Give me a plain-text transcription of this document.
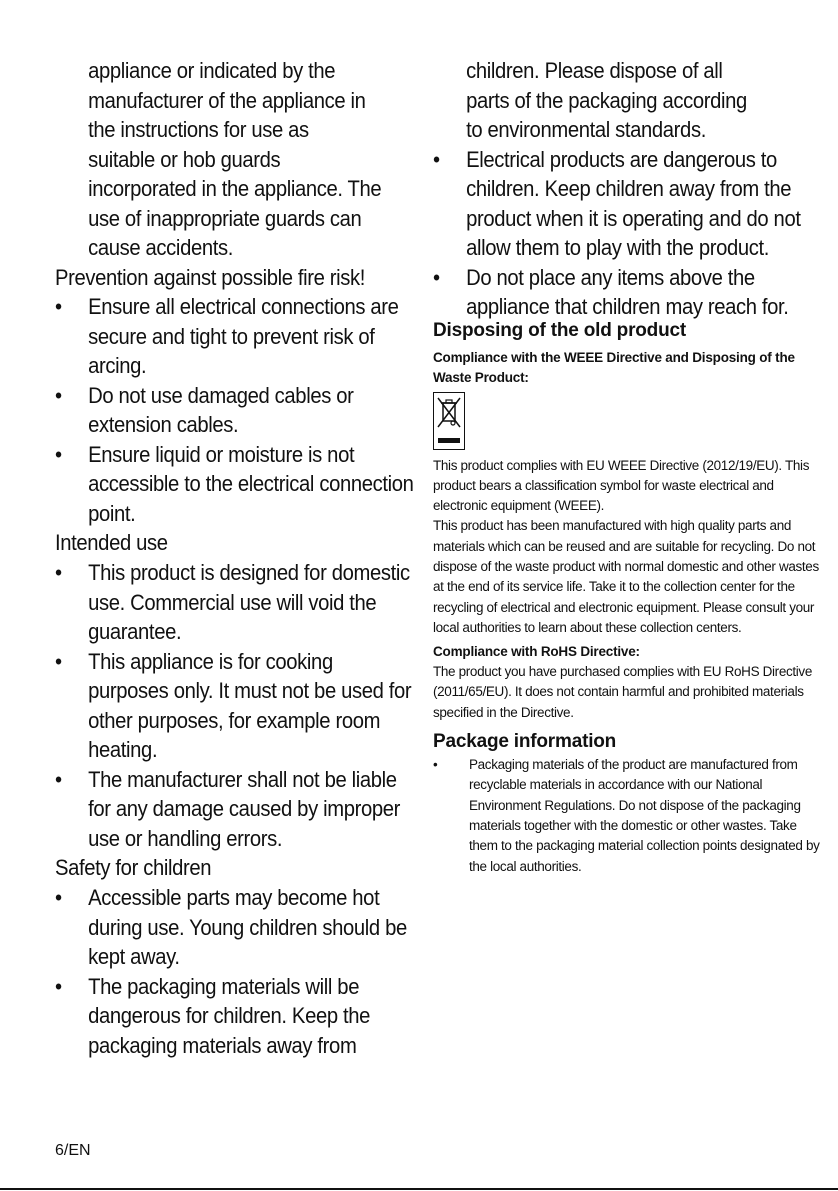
appliance or indicated by the

manufacturer of the appliance in

the instructions for use as

suitable or hob guards

incorporated in the appliance. The

use of inappropriate guards can

cause accidents.

Prevention against possible fire risk!

• Ensure all electrical connections are secure and tight to prevent risk of arcing.
• Do not use damaged cables or extension cables.
• Ensure liquid or moisture is not accessible to the electrical connection point.

Intended use

• This product is designed for domestic use. Commercial use will void the guarantee.
• This appliance is for cooking purposes only. It must not be used for other purposes, for example room heating.
• The manufacturer shall not be liable for any damage caused by improper use or handling errors.

Safety for children

• Accessible parts may become hot during use. Young children should be kept away.
• The packaging materials will be dangerous for children. Keep the packaging materials away from

children. Please dispose of all

parts of the packaging according

to environmental standards.

• Electrical products are dangerous to children. Keep children away from the product when it is operating and do not allow them to play with the product.
• Do not place any items above the appliance that children may reach for.

Disposing of the old product

Compliance with the WEEE Directive and Disposing of the Waste Product:

This product complies with EU WEEE Directive (2012/19/EU). This product bears a classification symbol for waste electrical and electronic equipment (WEEE).

This product has been manufactured with high quality parts and materials which can be reused and are suitable for recycling. Do not dispose of the waste product with normal domestic and other wastes at the end of its service life. Take it to the collection center for the recycling of electrical and electronic equipment. Please consult your local authorities to learn about these collection centers.

Compliance with RoHS Directive:

The product you have purchased complies with EU RoHS Directive (2011/65/EU). It does not contain harmful and prohibited materials specified in the Directive.

Package information

• Packaging materials of the product are manufactured from recyclable materials in accordance with our National Environment Regulations. Do not dispose of the packaging materials together with the domestic or other wastes. Take them to the packaging material collection points designated by the local authorities.
6/EN
